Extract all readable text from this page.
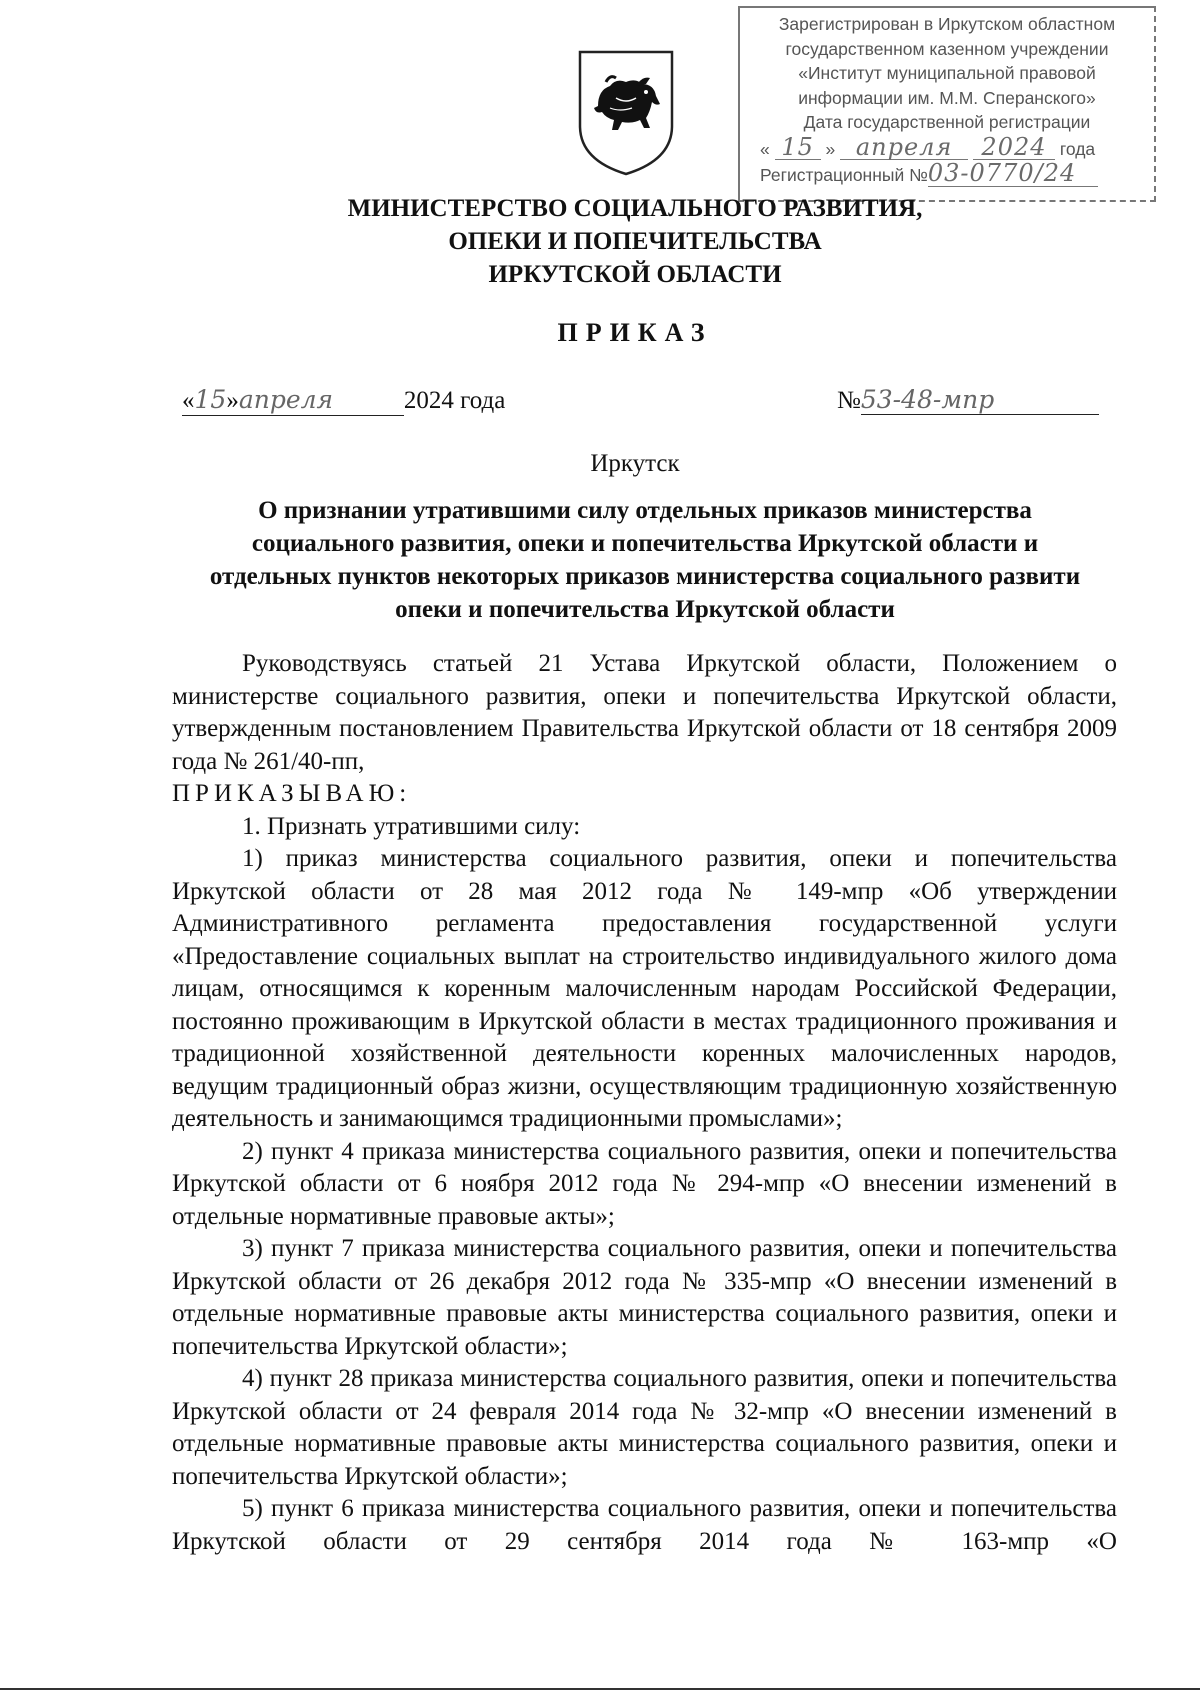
Зарегистрирован в Иркутском областном
государственном казенном учреждении
«Институт муниципальной правовой
информации им. М.М. Сперанского»
Дата государственной регистрации
« 15 » апреля 2024 года
Регистрационный №03-0770/24
МИНИСТЕРСТВО СОЦИАЛЬНОГО РАЗВИТИЯ,
ОПЕКИ И ПОПЕЧИТЕЛЬСТВА
ИРКУТСКОЙ ОБЛАСТИ
ПРИКАЗ
«15»апреля	2024 года	№53-48-мпр
Иркутск
О признании утратившими силу отдельных приказов министерства
социального развития, опеки и попечительства Иркутской области и
отдельных пунктов некоторых приказов министерства социального развити
опеки и попечительства Иркутской области

Руководствуясь статьей 21 Устава Иркутской области, Положением о министерстве социального развития, опеки и попечительства Иркутской области, утвержденным постановлением Правительства Иркутской области от 18 сентября 2009 года № 261/40-пп,

ПРИКАЗЫВАЮ:

1. Признать утратившими силу:

1) приказ министерства социального развития, опеки и попечительства Иркутской области от 28 мая 2012 года № 149-мпр «Об утверждении Административного регламента предоставления государственной услуги «Предоставление социальных выплат на строительство индивидуального жилого дома лицам, относящимся к коренным малочисленным народам Российской Федерации, постоянно проживающим в Иркутской области в местах традиционного проживания и традиционной хозяйственной деятельности коренных малочисленных народов, ведущим традиционный образ жизни, осуществляющим традиционную хозяйственную деятельность и занимающимся традиционными промыслами»;

2) пункт 4 приказа министерства социального развития, опеки и попечительства Иркутской области от 6 ноября 2012 года № 294-мпр «О внесении изменений в отдельные нормативные правовые акты»;

3) пункт 7 приказа министерства социального развития, опеки и попечительства Иркутской области от 26 декабря 2012 года № 335-мпр «О внесении изменений в отдельные нормативные правовые акты министерства социального развития, опеки и попечительства Иркутской области»;

4) пункт 28 приказа министерства социального развития, опеки и попечительства Иркутской области от 24 февраля 2014 года № 32-мпр «О внесении изменений в отдельные нормативные правовые акты министерства социального развития, опеки и попечительства Иркутской области»;

5) пункт 6 приказа министерства социального развития, опеки и попечительства Иркутской области от 29 сентября 2014 года № 163-мпр «О
